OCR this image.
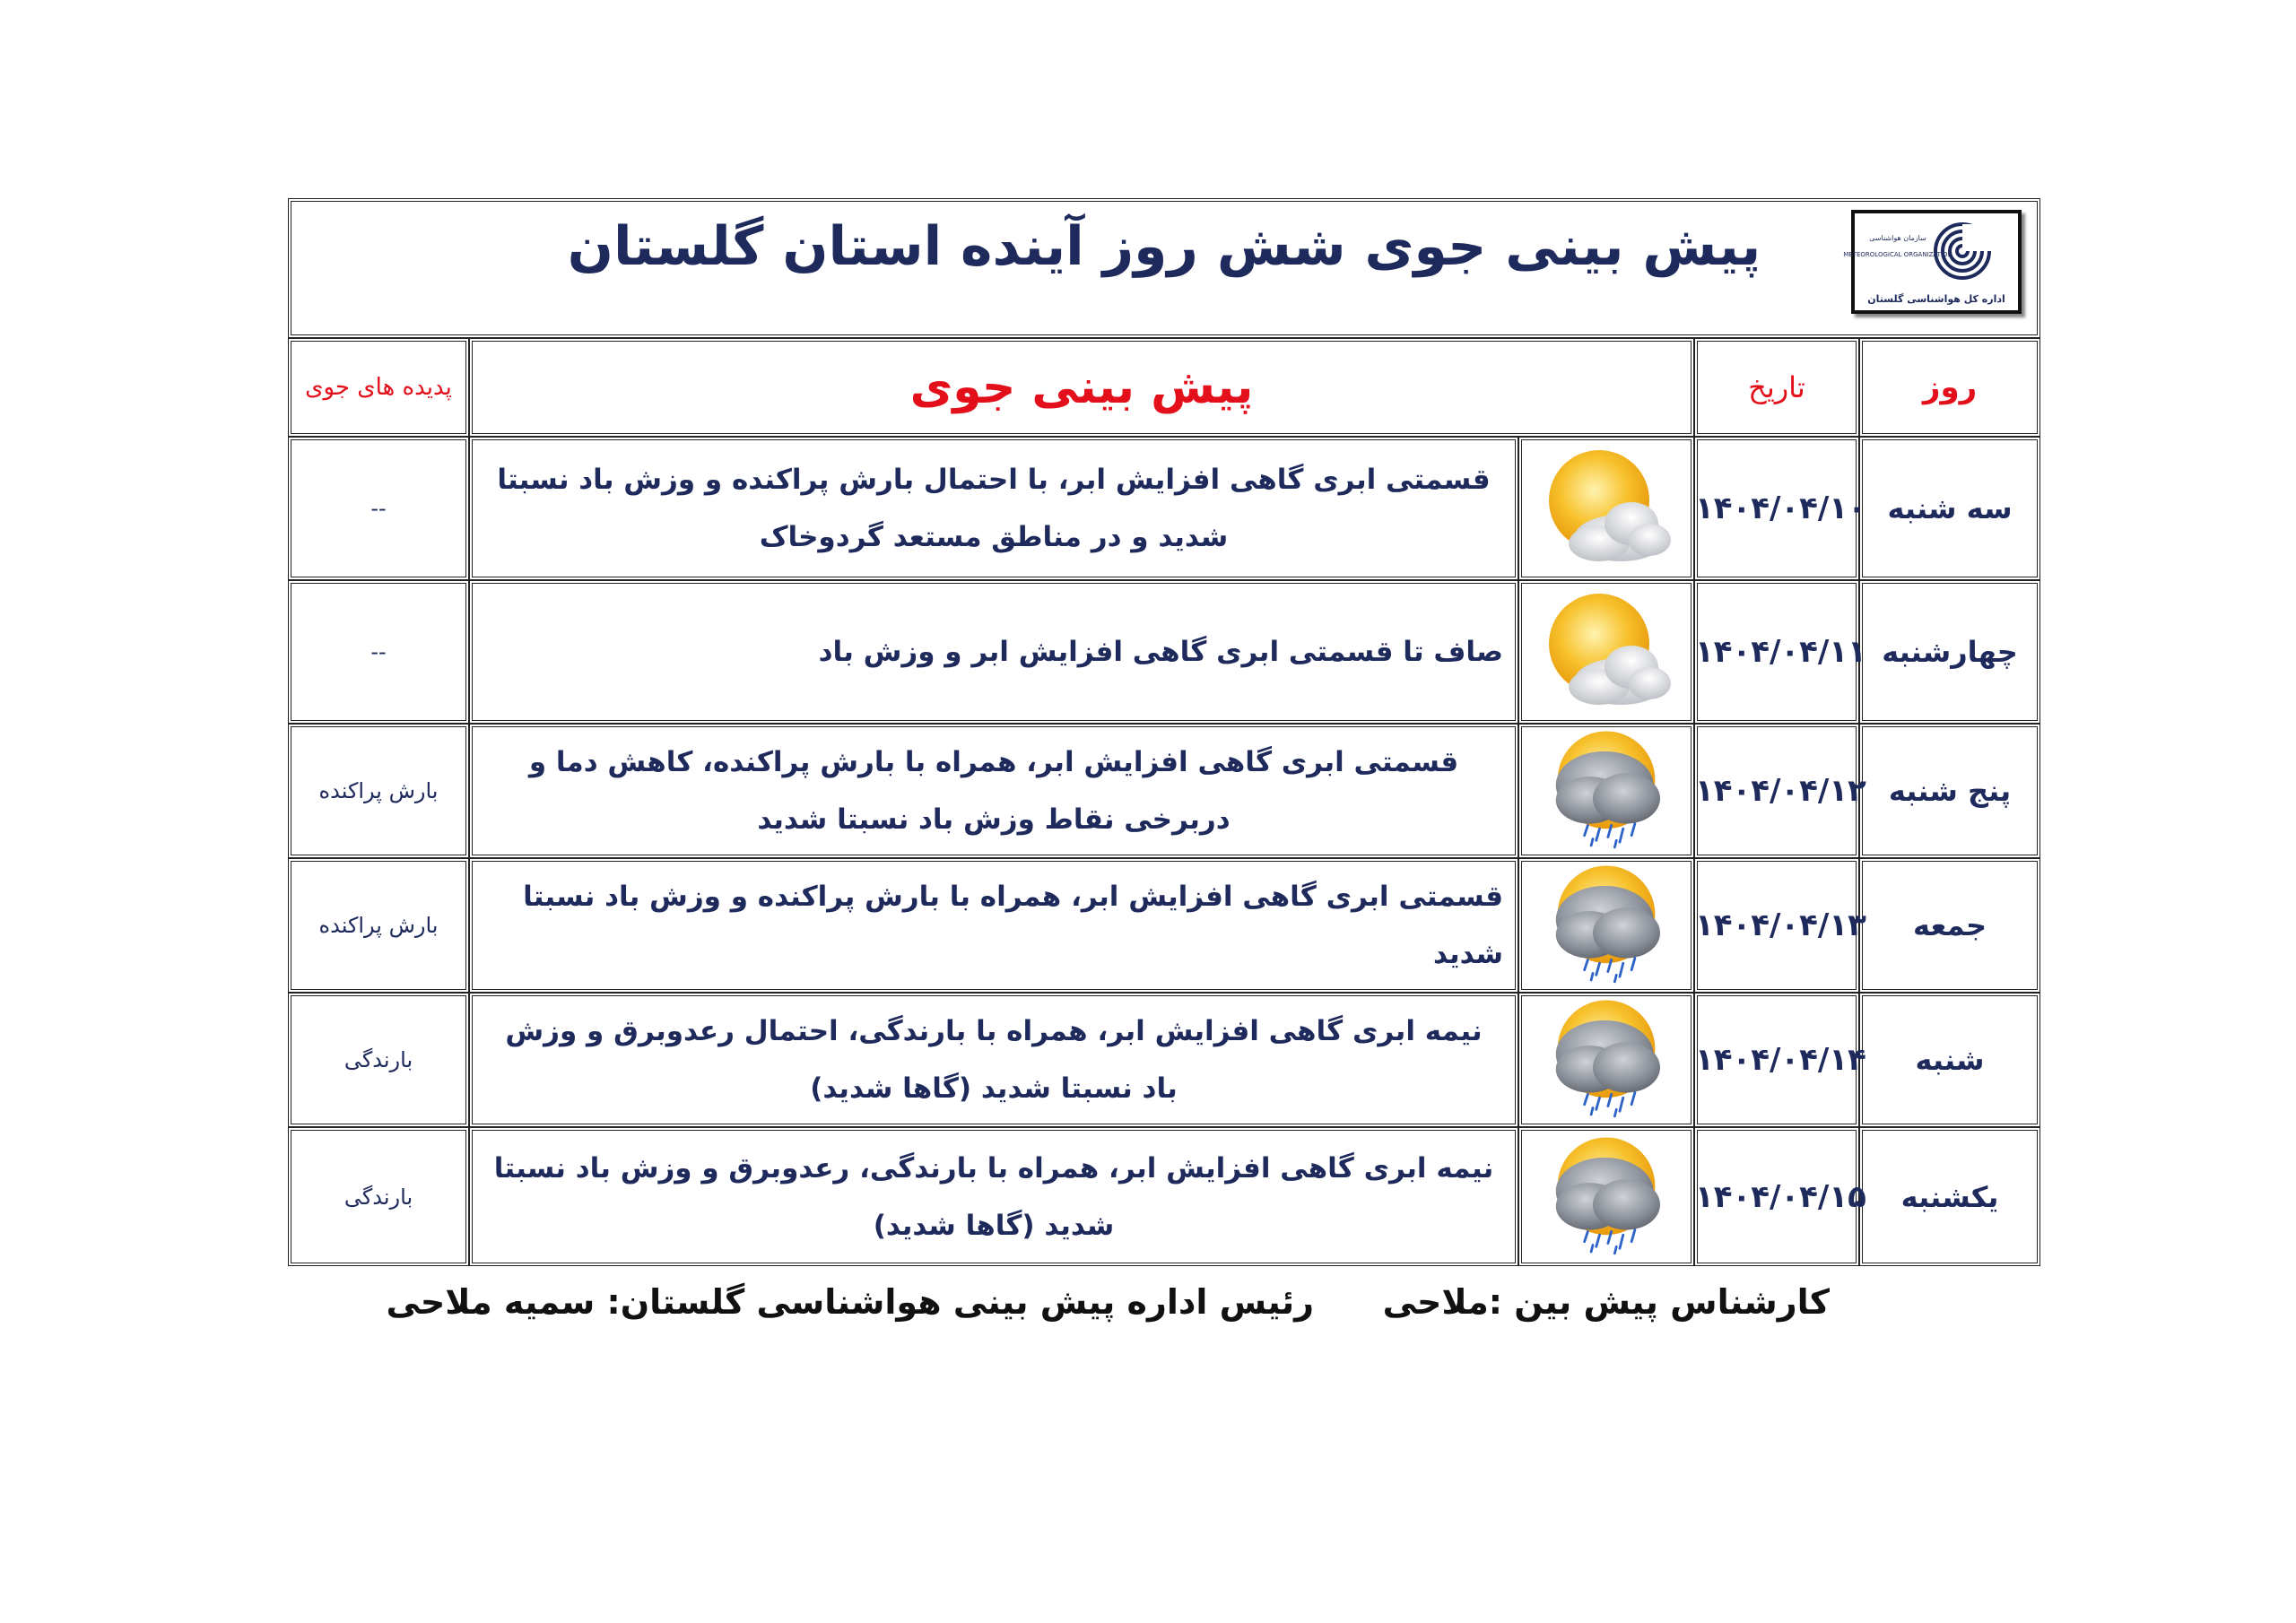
پیش بینی جوی شش روز آینده استان گلستان سازمان هواشناسی
METEOROLOGICAL ORGANIZATION
اداره کل هواشناسی گلستان				

پدیده های جوی	پیش بینی جوی		تاریخ	روز
--	قسمتی ابری گاهی افزایش ابر، با احتمال بارش پراکنده و وزش باد نسبتا شدید و در مناطق مستعد گردوخاک		۱۴۰۴/۰۴/۱۰	سه شنبه
--	صاف تا قسمتی ابری گاهی افزایش ابر و وزش باد		۱۴۰۴/۰۴/۱۱	چهارشنبه
بارش پراکنده	قسمتی ابری گاهی افزایش ابر، همراه با بارش پراکنده، کاهش دما و دربرخی نقاط وزش باد نسبتا شدید		۱۴۰۴/۰۴/۱۲	پنج شنبه
بارش پراکنده	قسمتی ابری گاهی افزایش ابر، همراه با بارش پراکنده و وزش باد نسبتا شدید		۱۴۰۴/۰۴/۱۳	جمعه
بارندگی	نیمه ابری گاهی افزایش ابر، همراه با بارندگی، احتمال رعدوبرق و وزش باد نسبتا شدید (گاها شدید)		۱۴۰۴/۰۴/۱۴	شنبه
بارندگی	نیمه ابری گاهی افزایش ابر، همراه با بارندگی، رعدوبرق و وزش باد نسبتا شدید (گاها شدید)		۱۴۰۴/۰۴/۱۵	یکشنبه
کارشناس پیش بین :ملاحی
رئیس اداره پیش بینی هواشناسی گلستان: سمیه ملاحی
